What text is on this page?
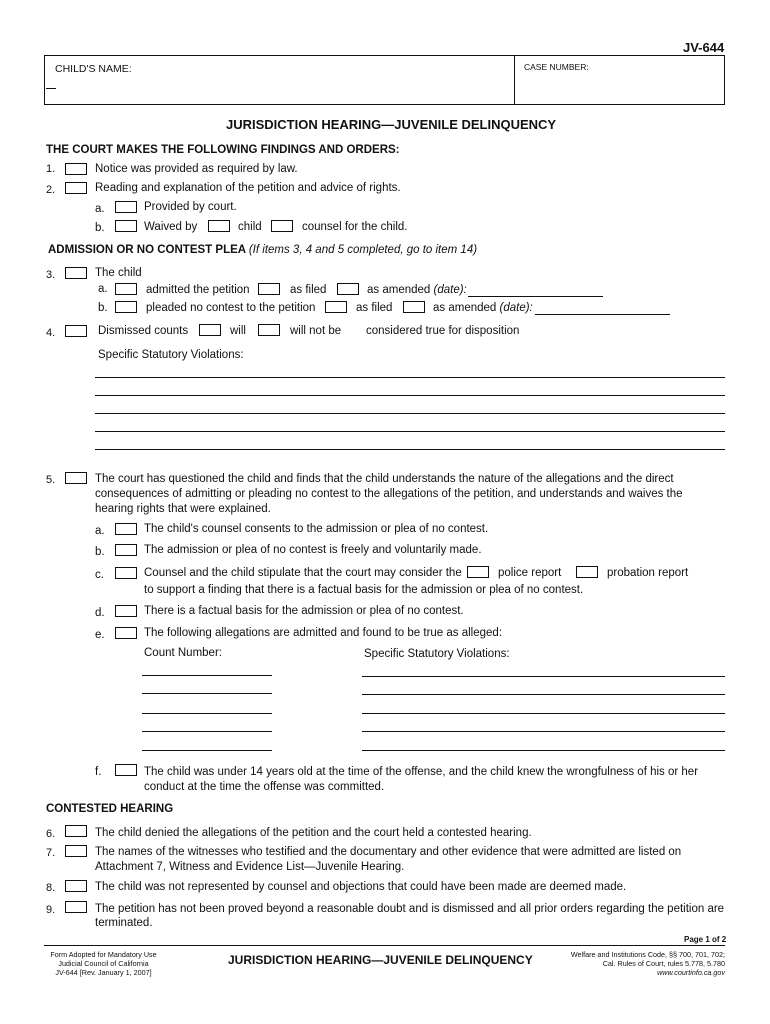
JV-644
CHILD'S NAME:	CASE NUMBER:
JURISDICTION HEARING—JUVENILE DELINQUENCY
THE COURT MAKES THE FOLLOWING FINDINGS AND ORDERS:
1.	Notice was provided as required by law.
2.	Reading and explanation of the petition and advice of rights.
a.	Provided by court.
b.	Waived by	child	counsel for the child.
ADMISSION OR NO CONTEST PLEA (If items 3, 4 and 5 completed, go to item 14)
3.	The child
a.	admitted the petition	as filed	as amended (date):
b.	pleaded no contest to the petition	as filed	as amended (date):
4.	Dismissed counts	will	will not be considered true for disposition
Specific Statutory Violations:
5.	The court has questioned the child and finds that the child understands the nature of the allegations and the direct
consequences of admitting or pleading no contest to the allegations of the petition, and understands and waives the
hearing rights that were explained.
a.	The child's counsel consents to the admission or plea of no contest.
b.	The admission or plea of no contest is freely and voluntarily made.
c.	Counsel and the child stipulate that the court may consider the	police report	probation report
to support a finding that there is a factual basis for the admission or plea of no contest.
d.	There is a factual basis for the admission or plea of no contest.
e.	The following allegations are admitted and found to be true as alleged:
Count Number:	Specific Statutory Violations:
f.	The child was under 14 years old at the time of the offense, and the child knew the wrongfulness of his or her
conduct at the time the offense was committed.
CONTESTED HEARING
6.	The child denied the allegations of the petition and the court held a contested hearing.
7.	The names of the witnesses who testified and the documentary and other evidence that were admitted are listed on
Attachment 7, Witness and Evidence List—Juvenile Hearing.
8.	The child was not represented by counsel and objections that could have been made are deemed made.
9.	The petition has not been proved beyond a reasonable doubt and is dismissed and all prior orders regarding the petition are
terminated.
Page 1 of 2
Form Adopted for Mandatory Use
Judicial Council of California
JV-644 [Rev. January 1, 2007]
JURISDICTION HEARING—JUVENILE DELINQUENCY	Welfare and Institutions Code, §§ 700, 701, 702;
Cal. Rules of Court, rules 5.778, 5.780
www.courtinfo.ca.gov
